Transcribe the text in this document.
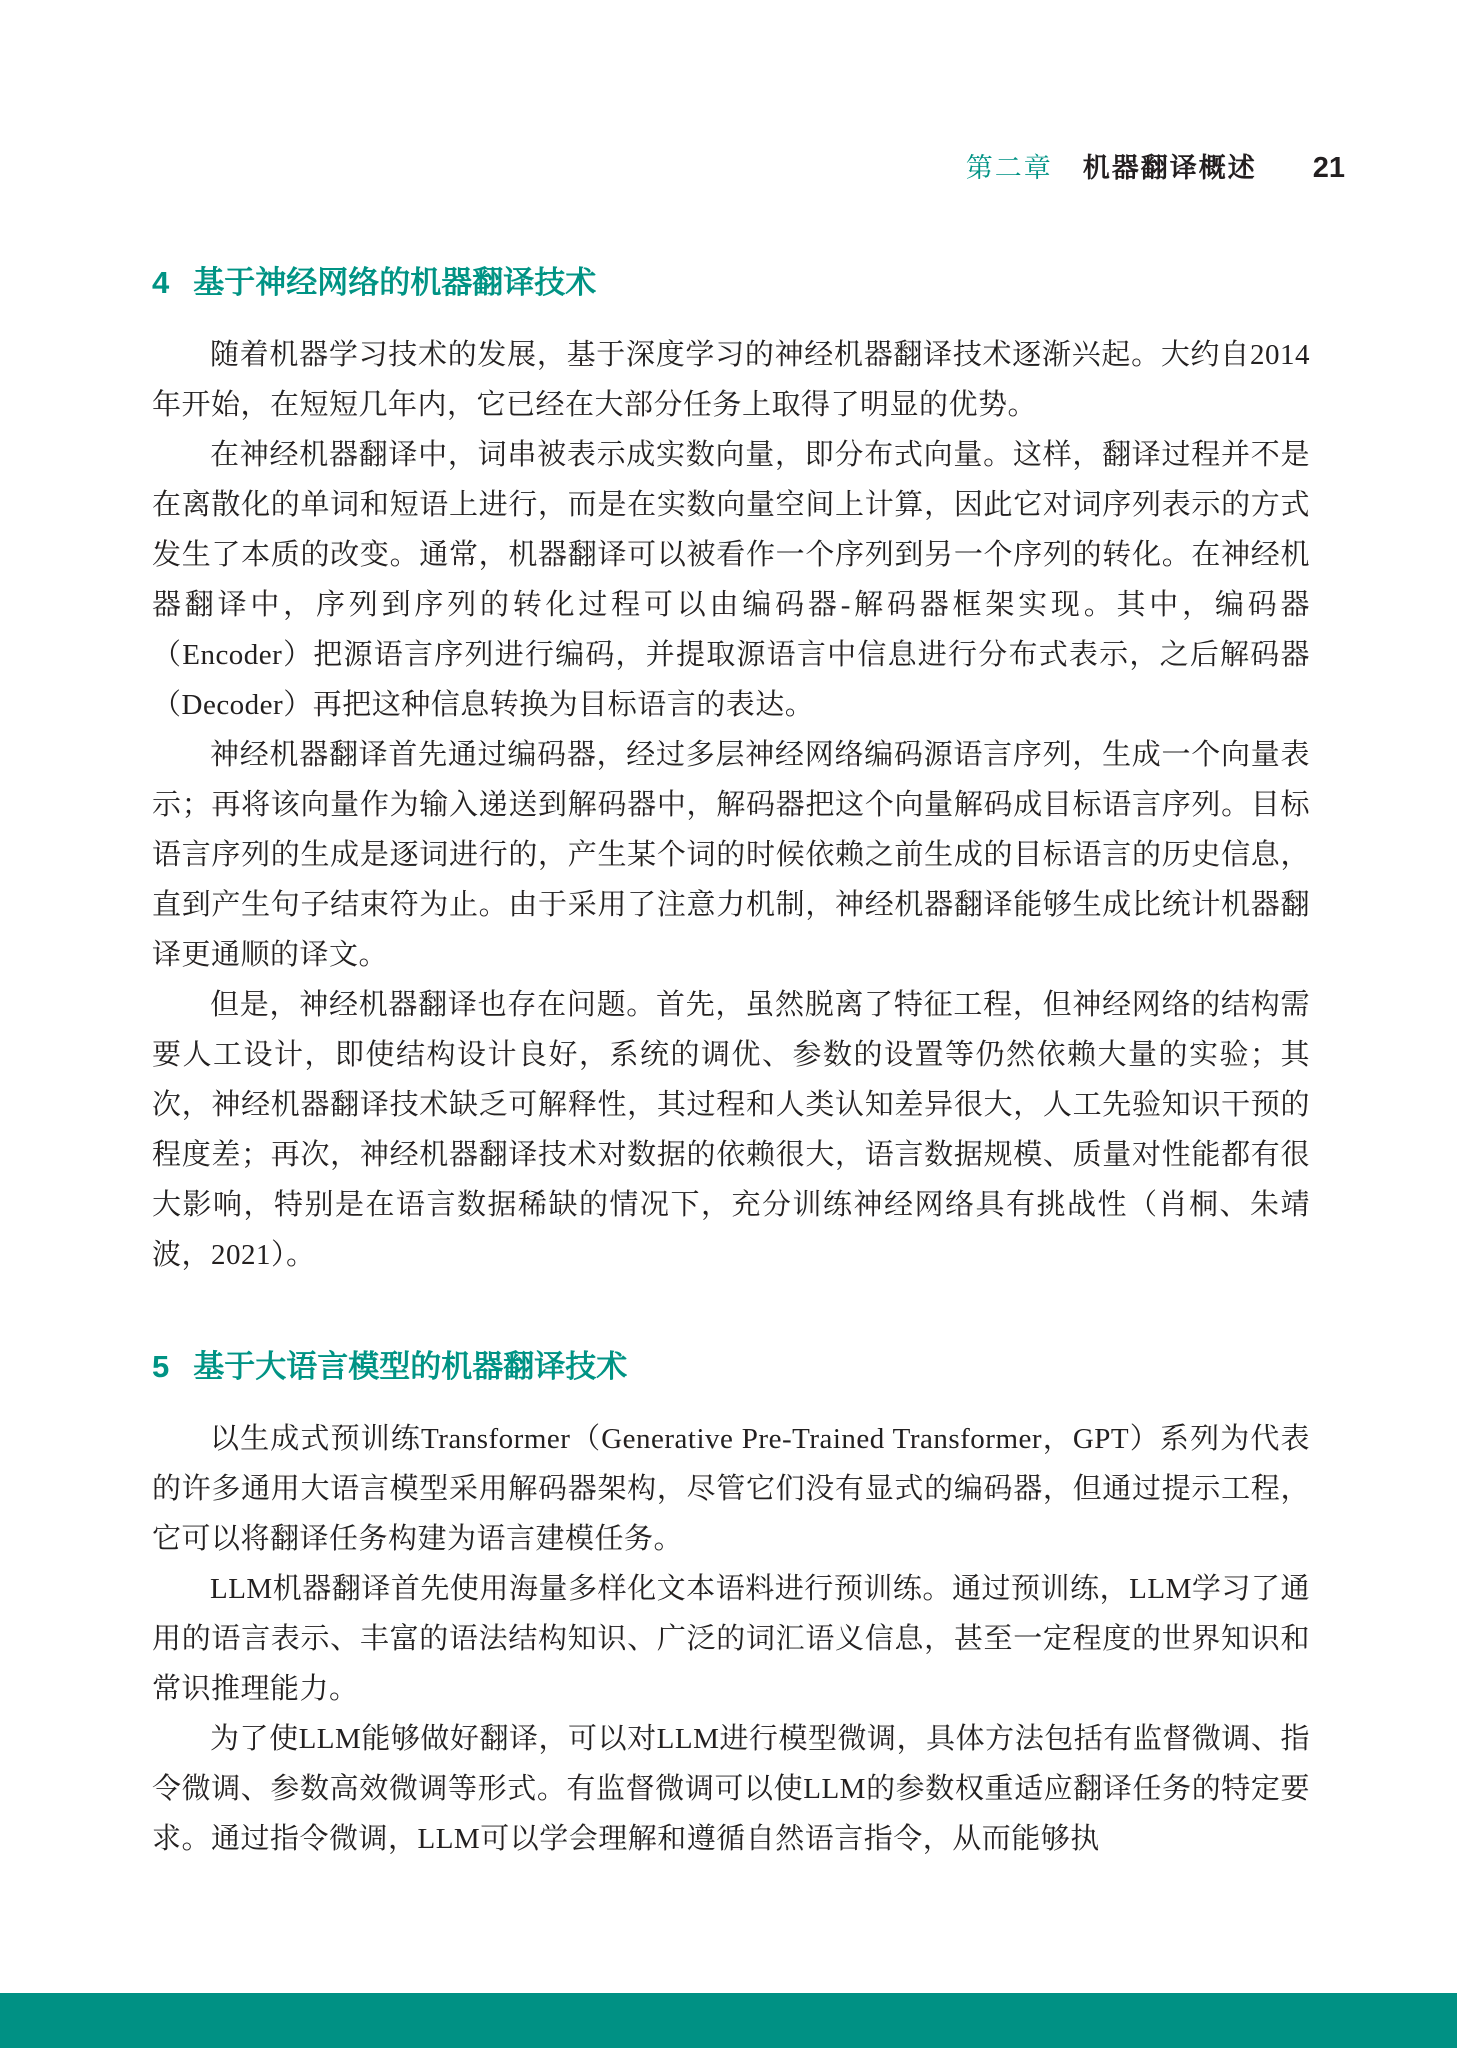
第二章 机器翻译概述 21
4 基于神经网络的机器翻译技术

随着机器学习技术的发展，基于深度学习的神经机器翻译技术逐渐兴起。大约自2014年开始，在短短几年内，它已经在大部分任务上取得了明显的优势。

在神经机器翻译中，词串被表示成实数向量，即分布式向量。这样，翻译过程并不是在离散化的单词和短语上进行，而是在实数向量空间上计算，因此它对词序列表示的方式发生了本质的改变。通常，机器翻译可以被看作一个序列到另一个序列的转化。在神经机器翻译中，序列到序列的转化过程可以由编码器-解码器框架实现。其中，编码器（Encoder）把源语言序列进行编码，并提取源语言中信息进行分布式表示，之后解码器（Decoder）再把这种信息转换为目标语言的表达。

神经机器翻译首先通过编码器，经过多层神经网络编码源语言序列，生成一个向量表示；再将该向量作为输入递送到解码器中，解码器把这个向量解码成目标语言序列。目标语言序列的生成是逐词进行的，产生某个词的时候依赖之前生成的目标语言的历史信息，直到产生句子结束符为止。由于采用了注意力机制，神经机器翻译能够生成比统计机器翻译更通顺的译文。

但是，神经机器翻译也存在问题。首先，虽然脱离了特征工程，但神经网络的结构需要人工设计，即使结构设计良好，系统的调优、参数的设置等仍然依赖大量的实验；其次，神经机器翻译技术缺乏可解释性，其过程和人类认知差异很大，人工先验知识干预的程度差；再次，神经机器翻译技术对数据的依赖很大，语言数据规模、质量对性能都有很大影响，特别是在语言数据稀缺的情况下，充分训练神经网络具有挑战性（肖桐、朱靖波，2021）。

5 基于大语言模型的机器翻译技术

以生成式预训练Transformer（Generative Pre-Trained Transformer，GPT）系列为代表的许多通用大语言模型采用解码器架构，尽管它们没有显式的编码器，但通过提示工程，它可以将翻译任务构建为语言建模任务。

LLM机器翻译首先使用海量多样化文本语料进行预训练。通过预训练，LLM学习了通用的语言表示、丰富的语法结构知识、广泛的词汇语义信息，甚至一定程度的世界知识和常识推理能力。

为了使LLM能够做好翻译，可以对LLM进行模型微调，具体方法包括有监督微调、指令微调、参数高效微调等形式。有监督微调可以使LLM的参数权重适应翻译任务的特定要求。通过指令微调，LLM可以学会理解和遵循自然语言指令，从而能够执
